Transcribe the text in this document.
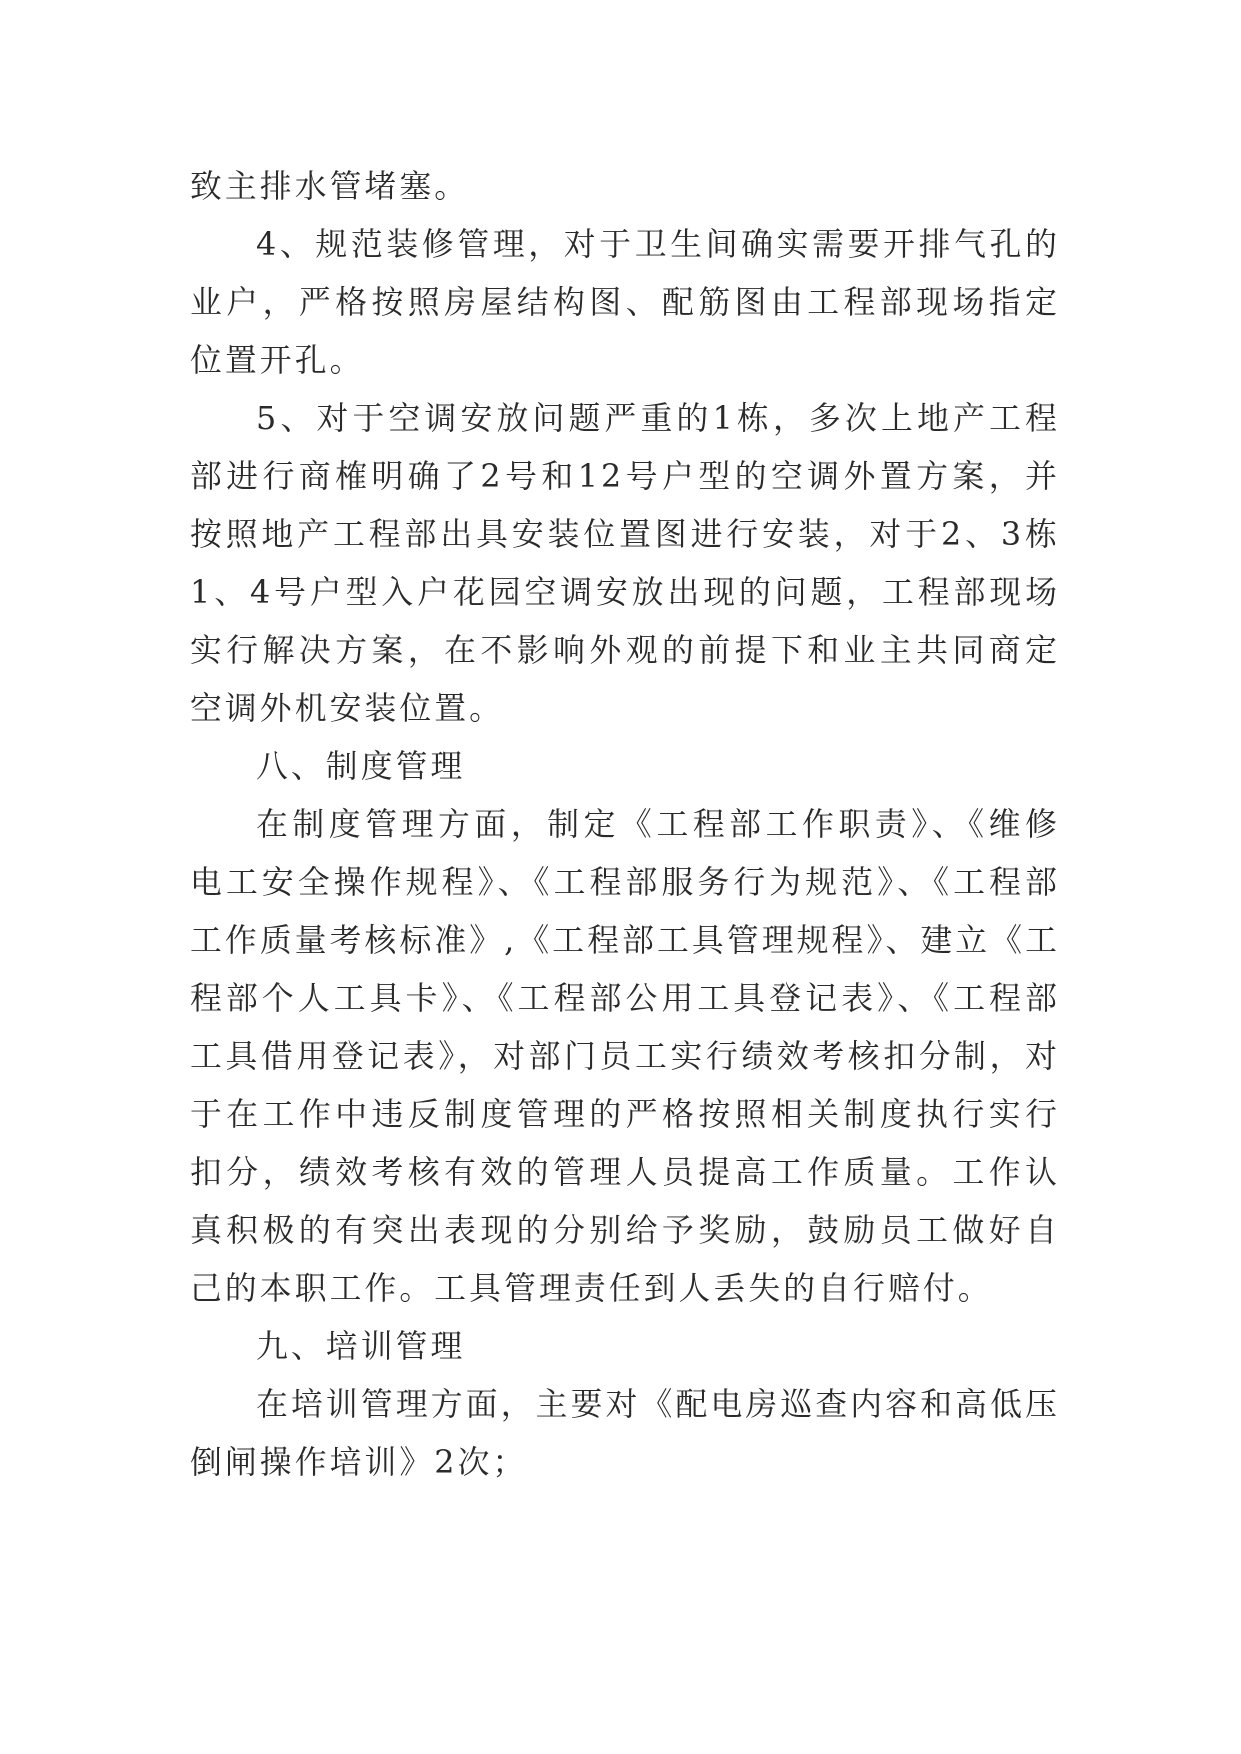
致主排水管堵塞。

4、规范装修管理，对于卫生间确实需要开排气孔的业户，严格按照房屋结构图、配筋图由工程部现场指定位置开孔。

5、对于空调安放问题严重的1栋，多次上地产工程部进行商榷明确了2号和12号户型的空调外置方案，并按照地产工程部出具安装位置图进行安装，对于2、3栋1、4号户型入户花园空调安放出现的问题，工程部现场实行解决方案，在不影响外观的前提下和业主共同商定空调外机安装位置。

八、制度管理

在制度管理方面，制定《工程部工作职责》、《维修电工安全操作规程》、《工程部服务行为规范》、《工程部工作质量考核标准》,《工程部工具管理规程》、建立《工程部个人工具卡》、《工程部公用工具登记表》、《工程部工具借用登记表》，对部门员工实行绩效考核扣分制，对于在工作中违反制度管理的严格按照相关制度执行实行扣分，绩效考核有效的管理人员提高工作质量。工作认真积极的有突出表现的分别给予奖励，鼓励员工做好自己的本职工作。工具管理责任到人丢失的自行赔付。

九、培训管理

在培训管理方面，主要对《配电房巡查内容和高低压倒闸操作培训》2次；
